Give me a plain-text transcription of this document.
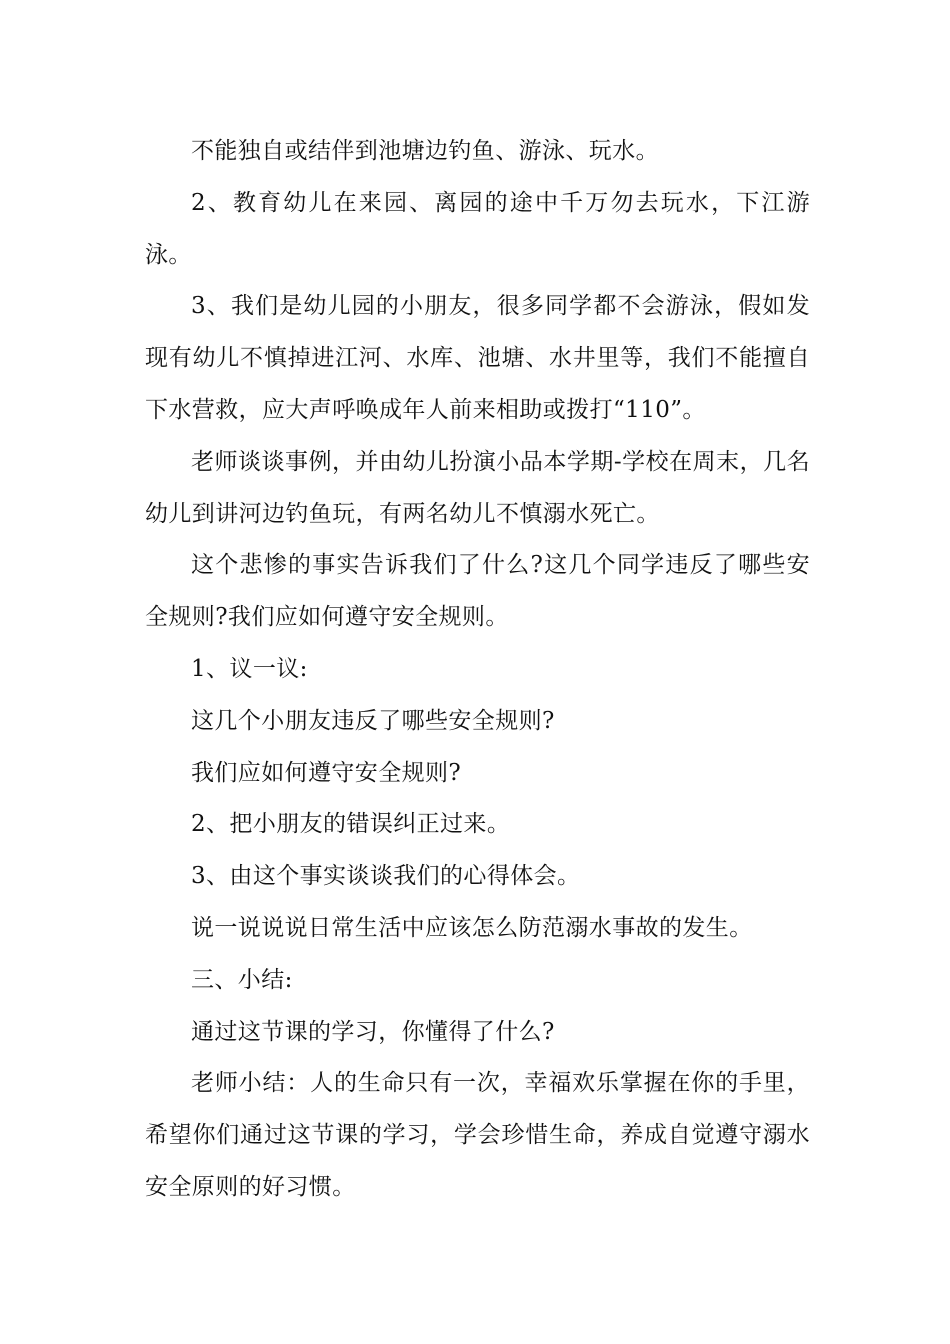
不能独自或结伴到池塘边钓鱼、游泳、玩水。

2、教育幼儿在来园、离园的途中千万勿去玩水，下江游泳。

3、我们是幼儿园的小朋友，很多同学都不会游泳，假如发现有幼儿不慎掉进江河、水库、池塘、水井里等，我们不能擅自下水营救，应大声呼唤成年人前来相助或拨打“110”。

老师谈谈事例，并由幼儿扮演小品本学期-学校在周末，几名幼儿到讲河边钓鱼玩，有两名幼儿不慎溺水死亡。

这个悲惨的事实告诉我们了什么?这几个同学违反了哪些安全规则?我们应如何遵守安全规则。

1、议一议:

这几个小朋友违反了哪些安全规则?

我们应如何遵守安全规则?

2、把小朋友的错误纠正过来。

3、由这个事实谈谈我们的心得体会。

说一说说说日常生活中应该怎么防范溺水事故的发生。

三、小结:

通过这节课的学习，你懂得了什么?

老师小结：人的生命只有一次，幸福欢乐掌握在你的手里，希望你们通过这节课的学习，学会珍惜生命，养成自觉遵守溺水安全原则的好习惯。
